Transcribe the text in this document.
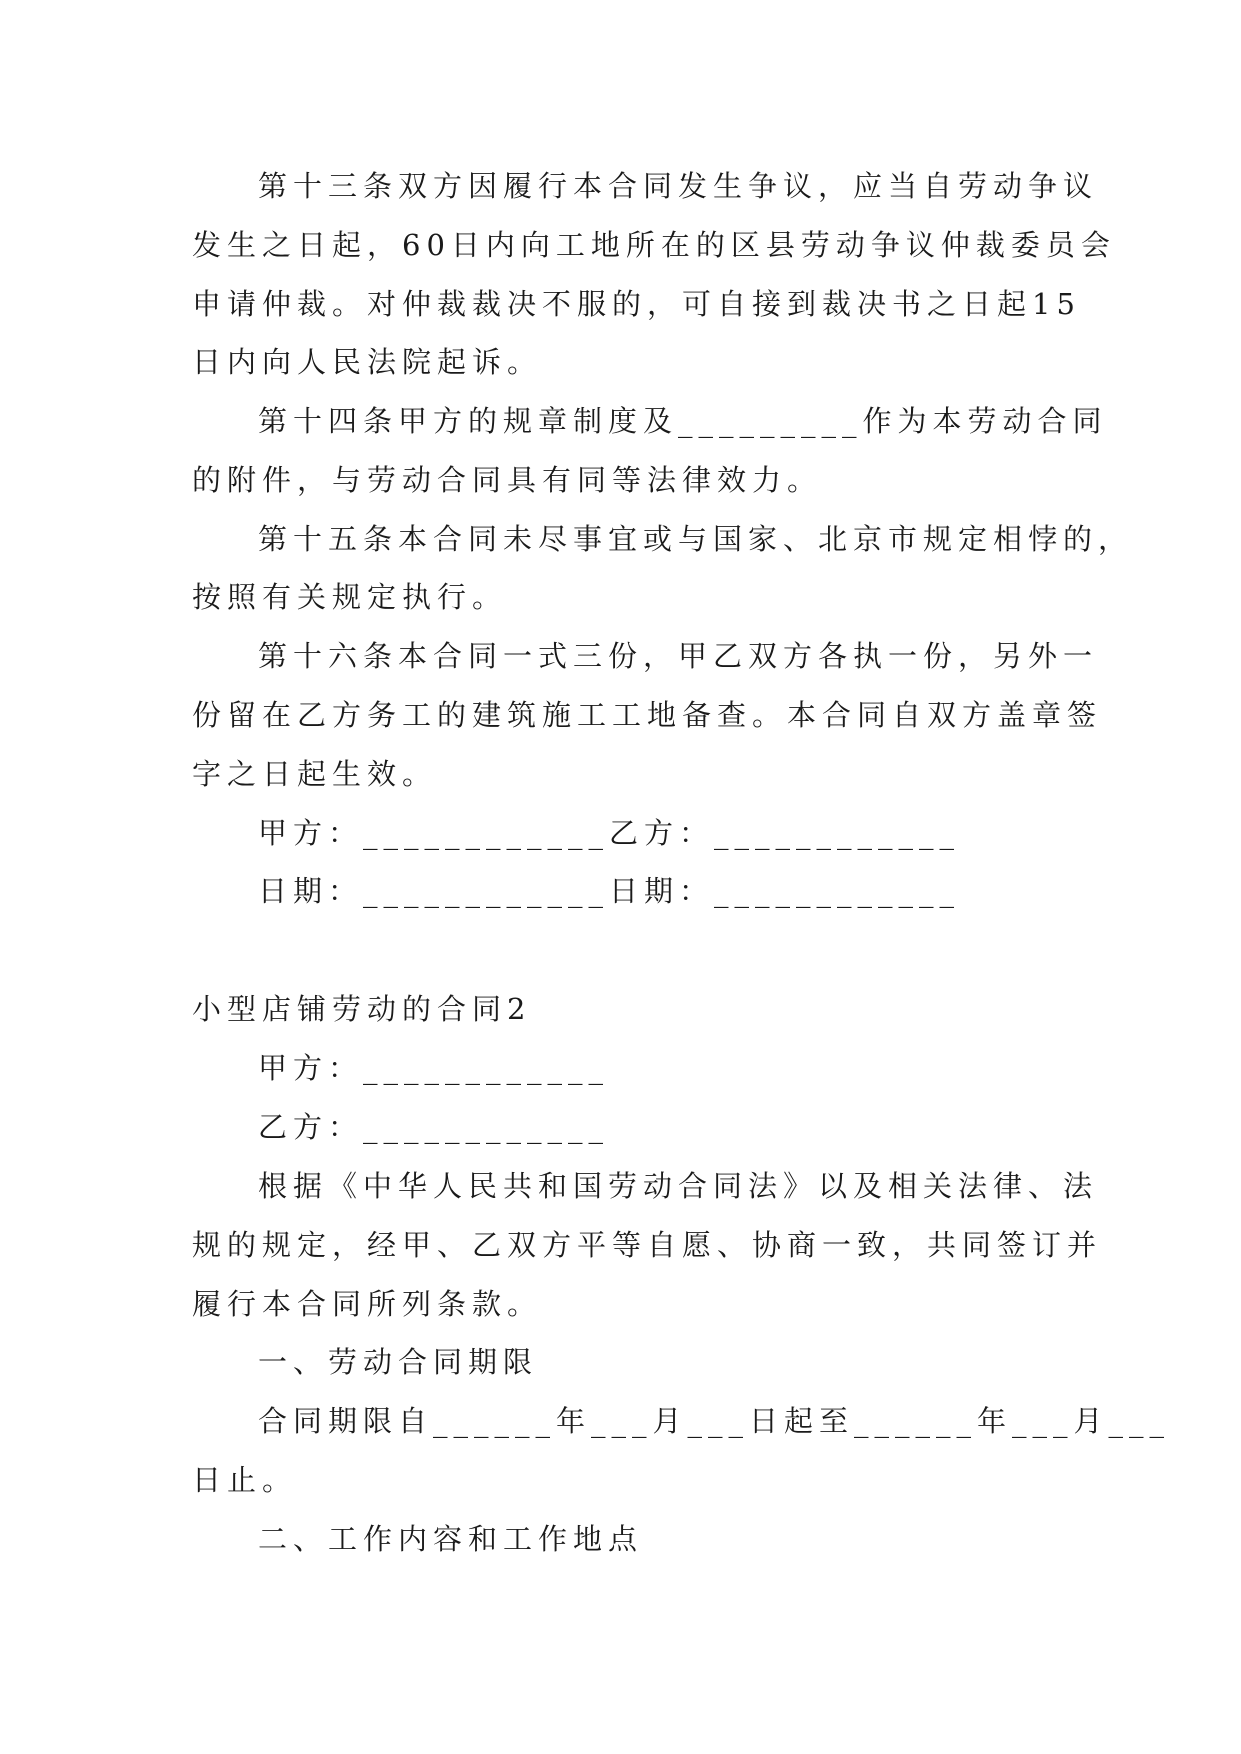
第十三条双方因履行本合同发生争议，应当自劳动争议

发生之日起，60日内向工地所在的区县劳动争议仲裁委员会

申请仲裁。对仲裁裁决不服的，可自接到裁决书之日起15

日内向人民法院起诉。

第十四条甲方的规章制度及_________作为本劳动合同

的附件，与劳动合同具有同等法律效力。

第十五条本合同未尽事宜或与国家、北京市规定相悖的，

按照有关规定执行。

第十六条本合同一式三份，甲乙双方各执一份，另外一

份留在乙方务工的建筑施工工地备查。本合同自双方盖章签

字之日起生效。

甲方：____________乙方：____________

日期：____________日期：____________

小型店铺劳动的合同2

甲方：____________

乙方：____________

根据《中华人民共和国劳动合同法》以及相关法律、法

规的规定，经甲、乙双方平等自愿、协商一致，共同签订并

履行本合同所列条款。

一、劳动合同期限

合同期限自______年___月___日起至______年___月___

日止。

二、工作内容和工作地点
